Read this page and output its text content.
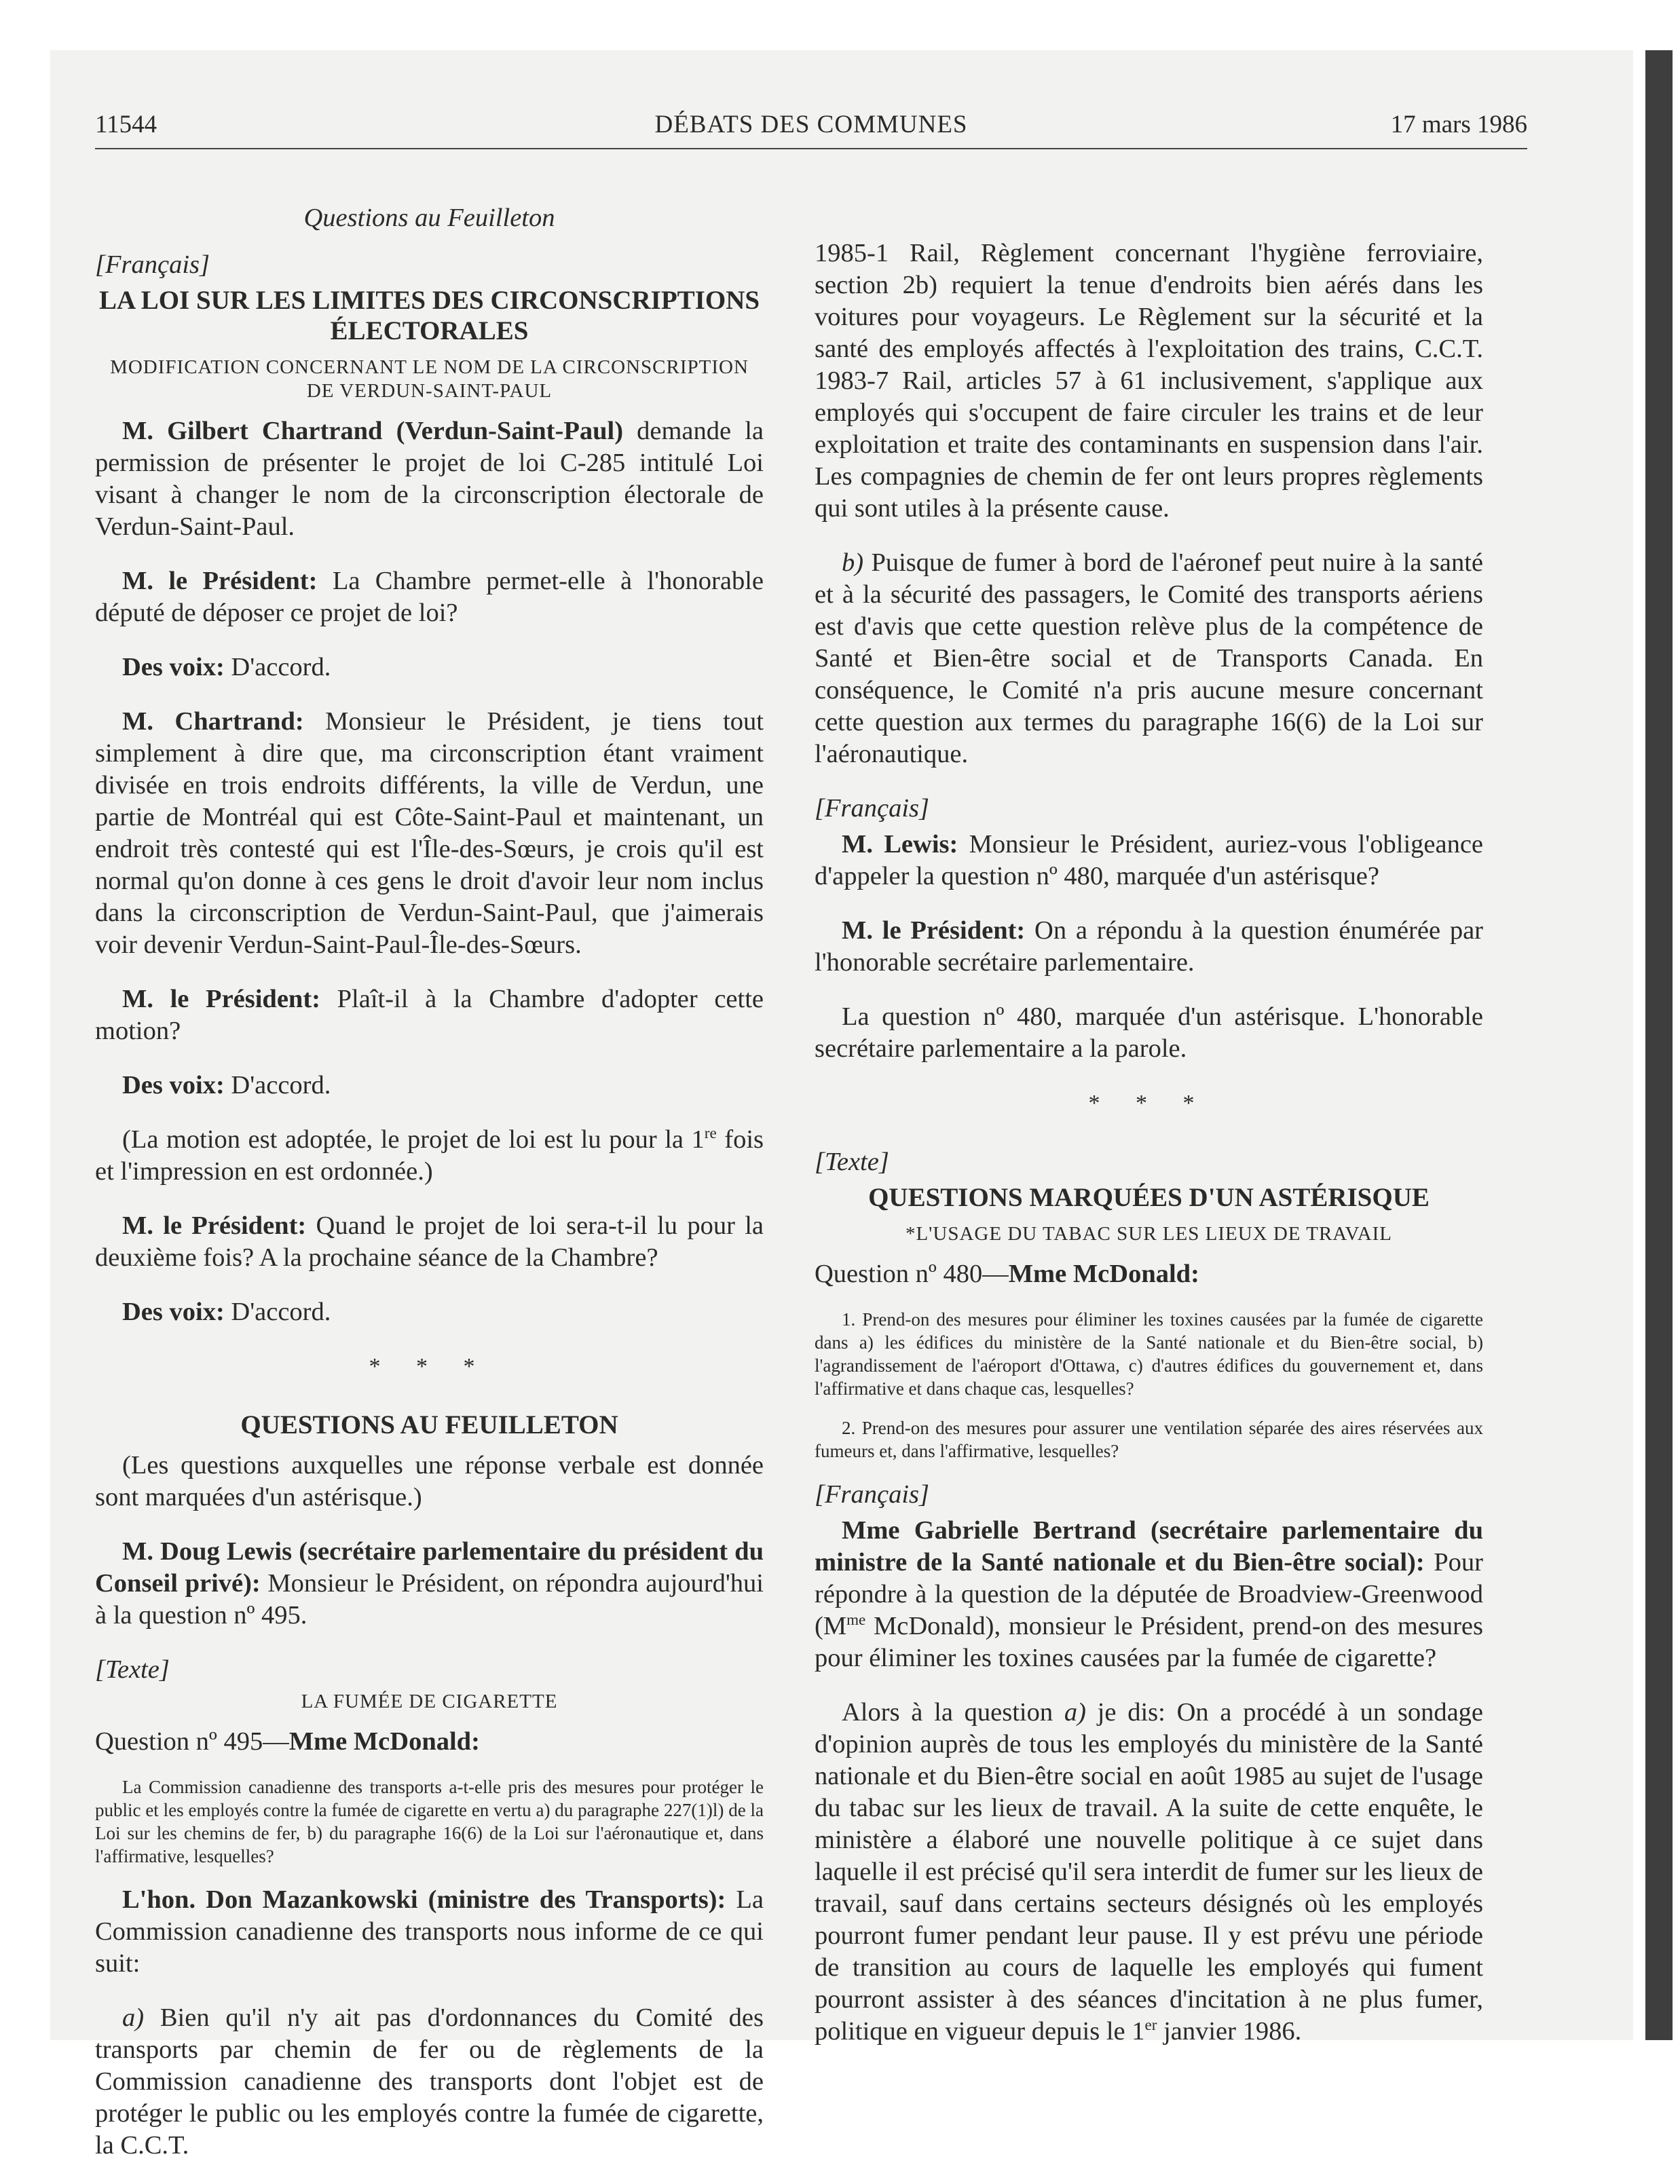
11544	DÉBATS DES COMMUNES	17 mars 1986
Questions au Feuilleton
[Français]
LA LOI SUR LES LIMITES DES CIRCONSCRIPTIONS ÉLECTORALES
MODIFICATION CONCERNANT LE NOM DE LA CIRCONSCRIPTION DE VERDUN-SAINT-PAUL

M. Gilbert Chartrand (Verdun-Saint-Paul) demande la permission de présenter le projet de loi C-285 intitulé Loi visant à changer le nom de la circonscription électorale de Verdun-Saint-Paul.

M. le Président: La Chambre permet-elle à l'honorable député de déposer ce projet de loi?

Des voix: D'accord.

M. Chartrand: Monsieur le Président, je tiens tout simplement à dire que, ma circonscription étant vraiment divisée en trois endroits différents, la ville de Verdun, une partie de Montréal qui est Côte-Saint-Paul et maintenant, un endroit très contesté qui est l'Île-des-Sœurs, je crois qu'il est normal qu'on donne à ces gens le droit d'avoir leur nom inclus dans la circonscription de Verdun-Saint-Paul, que j'aimerais voir devenir Verdun-Saint-Paul-Île-des-Sœurs.

M. le Président: Plaît-il à la Chambre d'adopter cette motion?

Des voix: D'accord.

(La motion est adoptée, le projet de loi est lu pour la 1re fois et l'impression en est ordonnée.)

M. le Président: Quand le projet de loi sera-t-il lu pour la deuxième fois? A la prochaine séance de la Chambre?

Des voix: D'accord.

* * *
QUESTIONS AU FEUILLETON

(Les questions auxquelles une réponse verbale est donnée sont marquées d'un astérisque.)

M. Doug Lewis (secrétaire parlementaire du président du Conseil privé): Monsieur le Président, on répondra aujourd'hui à la question nº 495.

[Texte]
LA FUMÉE DE CIGARETTE
Question nº 495—Mme McDonald:
La Commission canadienne des transports a-t-elle pris des mesures pour protéger le public et les employés contre la fumée de cigarette en vertu a) du paragraphe 227(1)l) de la Loi sur les chemins de fer, b) du paragraphe 16(6) de la Loi sur l'aéronautique et, dans l'affirmative, lesquelles?

L'hon. Don Mazankowski (ministre des Transports): La Commission canadienne des transports nous informe de ce qui suit:

a) Bien qu'il n'y ait pas d'ordonnances du Comité des transports par chemin de fer ou de règlements de la Commission canadienne des transports dont l'objet est de protéger le public ou les employés contre la fumée de cigarette, la C.C.T.

1985-1 Rail, Règlement concernant l'hygiène ferroviaire, section 2b) requiert la tenue d'endroits bien aérés dans les voitures pour voyageurs. Le Règlement sur la sécurité et la santé des employés affectés à l'exploitation des trains, C.C.T. 1983-7 Rail, articles 57 à 61 inclusivement, s'applique aux employés qui s'occupent de faire circuler les trains et de leur exploitation et traite des contaminants en suspension dans l'air. Les compagnies de chemin de fer ont leurs propres règlements qui sont utiles à la présente cause.

b) Puisque de fumer à bord de l'aéronef peut nuire à la santé et à la sécurité des passagers, le Comité des transports aériens est d'avis que cette question relève plus de la compétence de Santé et Bien-être social et de Transports Canada. En conséquence, le Comité n'a pris aucune mesure concernant cette question aux termes du paragraphe 16(6) de la Loi sur l'aéronautique.

[Français]

M. Lewis: Monsieur le Président, auriez-vous l'obligeance d'appeler la question nº 480, marquée d'un astérisque?

M. le Président: On a répondu à la question énumérée par l'honorable secrétaire parlementaire.

La question nº 480, marquée d'un astérisque. L'honorable secrétaire parlementaire a la parole.

* * *
[Texte]
QUESTIONS MARQUÉES D'UN ASTÉRISQUE
*L'USAGE DU TABAC SUR LES LIEUX DE TRAVAIL
Question nº 480—Mme McDonald:
1. Prend-on des mesures pour éliminer les toxines causées par la fumée de cigarette dans a) les édifices du ministère de la Santé nationale et du Bien-être social, b) l'agrandissement de l'aéroport d'Ottawa, c) d'autres édifices du gouvernement et, dans l'affirmative et dans chaque cas, lesquelles?
2. Prend-on des mesures pour assurer une ventilation séparée des aires réservées aux fumeurs et, dans l'affirmative, lesquelles?
[Français]

Mme Gabrielle Bertrand (secrétaire parlementaire du ministre de la Santé nationale et du Bien-être social): Pour répondre à la question de la députée de Broadview-Greenwood ($M^{me}$ McDonald), monsieur le Président, prend-on des mesures pour éliminer les toxines causées par la fumée de cigarette?

Alors à la question a) je dis: On a procédé à un sondage d'opinion auprès de tous les employés du ministère de la Santé nationale et du Bien-être social en août 1985 au sujet de l'usage du tabac sur les lieux de travail. A la suite de cette enquête, le ministère a élaboré une nouvelle politique à ce sujet dans laquelle il est précisé qu'il sera interdit de fumer sur les lieux de travail, sauf dans certains secteurs désignés où les employés pourront fumer pendant leur pause. Il y est prévu une période de transition au cours de laquelle les employés qui fument pourront assister à des séances d'incitation à ne plus fumer, politique en vigueur depuis le 1er janvier 1986.
